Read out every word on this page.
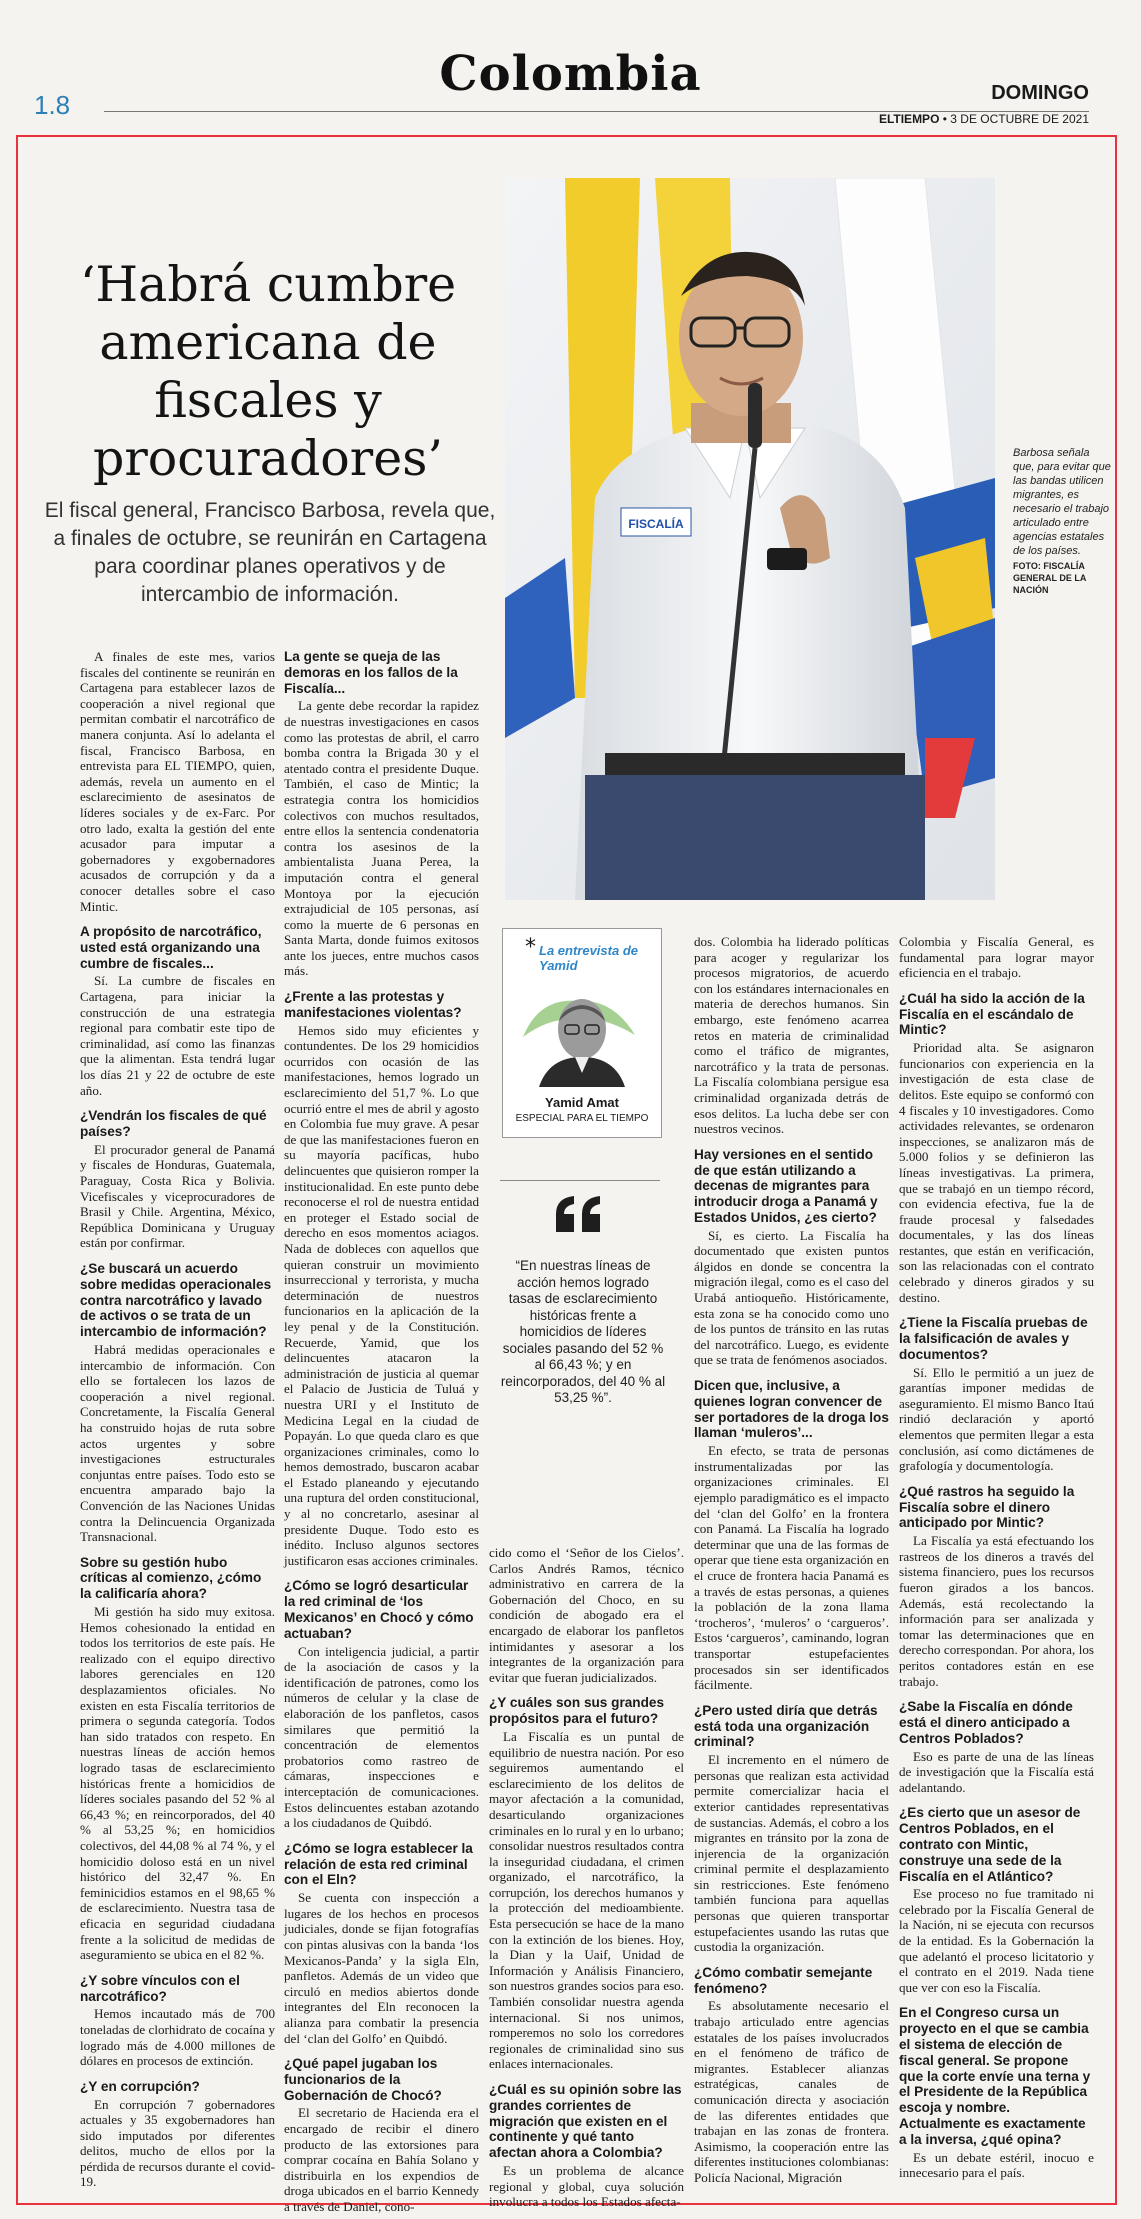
1.8
Colombia	DOMINGO
ELTIEMPO • 3 DE OCTUBRE DE 2021
‘Habrá cumbre americana de fiscales y procuradores’
El fiscal general, Francisco Barbosa, revela que, a finales de octubre, se reunirán en Cartagena para coordinar planes operativos y de intercambio de información.
FISCALÍA
Barbosa señala que, para evitar que las bandas utilicen migrantes, es necesario el trabajo articulado entre agencias estatales de los países.
FOTO: FISCALÍA GENERAL DE LA NACIÓN

A finales de este mes, varios fiscales del continente se reunirán en Cartagena para establecer lazos de cooperación a nivel regional que permitan combatir el narcotráfico de manera conjunta. Así lo adelanta el fiscal, Francisco Barbosa, en entrevista para EL TIEMPO, quien, además, revela un aumento en el esclarecimiento de asesinatos de líderes sociales y de ex-Farc. Por otro lado, exalta la gestión del ente acusador para imputar a gobernadores y exgobernadores acusados de corrupción y da a conocer detalles sobre el caso Mintic.

A propósito de narcotráfico, usted está organizando una cumbre de fiscales...

Sí. La cumbre de fiscales en Cartagena, para iniciar la construcción de una estrategia regional para combatir este tipo de criminalidad, así como las finanzas que la alimentan. Esta tendrá lugar los días 21 y 22 de octubre de este año.

¿Vendrán los fiscales de qué países?

El procurador general de Panamá y fiscales de Honduras, Guatemala, Paraguay, Costa Rica y Bolivia. Vicefiscales y viceprocuradores de Brasil y Chile. Argentina, México, República Dominicana y Uruguay están por confirmar.

¿Se buscará un acuerdo sobre medidas operacionales contra narcotráfico y lavado de activos o se trata de un intercambio de información?

Habrá medidas operacionales e intercambio de información. Con ello se fortalecen los lazos de cooperación a nivel regional. Concretamente, la Fiscalía General ha construido hojas de ruta sobre actos urgentes y sobre investigaciones estructurales conjuntas entre países. Todo esto se encuentra amparado bajo la Convención de las Naciones Unidas contra la Delincuencia Organizada Transnacional.

Sobre su gestión hubo críticas al comienzo, ¿cómo la calificaría ahora?

Mi gestión ha sido muy exitosa. Hemos cohesionado la entidad en todos los territorios de este país. He realizado con el equipo directivo labores gerenciales en 120 desplazamientos oficiales. No existen en esta Fiscalía territorios de primera o segunda categoría. Todos han sido tratados con respeto. En nuestras líneas de acción hemos logrado tasas de esclarecimiento históricas frente a homicidios de líderes sociales pasando del 52 % al 66,43 %; en reincorporados, del 40 % al 53,25 %; en homicidios colectivos, del 44,08 % al 74 %, y el homicidio doloso está en un nivel histórico del 32,47 %. En feminicidios estamos en el 98,65 % de esclarecimiento. Nuestra tasa de eficacia en seguridad ciudadana frente a la solicitud de medidas de aseguramiento se ubica en el 82 %.

¿Y sobre vínculos con el narcotráfico?

Hemos incautado más de 700 toneladas de clorhidrato de cocaína y logrado más de 4.000 millones de dólares en procesos de extinción.

¿Y en corrupción?

En corrupción 7 gobernadores actuales y 35 exgobernadores han sido imputados por diferentes delitos, mucho de ellos por la pérdida de recursos durante el covid-19.

La gente se queja de las demoras en los fallos de la Fiscalía...

La gente debe recordar la rapidez de nuestras investigaciones en casos como las protestas de abril, el carro bomba contra la Brigada 30 y el atentado contra el presidente Duque. También, el caso de Mintic; la estrategia contra los homicidios colectivos con muchos resultados, entre ellos la sentencia condenatoria contra los asesinos de la ambientalista Juana Perea, la imputación contra el general Montoya por la ejecución extrajudicial de 105 personas, así como la muerte de 6 personas en Santa Marta, donde fuimos exitosos ante los jueces, entre muchos casos más.

¿Frente a las protestas y manifestaciones violentas?

Hemos sido muy eficientes y contundentes. De los 29 homicidios ocurridos con ocasión de las manifestaciones, hemos logrado un esclarecimiento del 51,7 %. Lo que ocurrió entre el mes de abril y agosto en Colombia fue muy grave. A pesar de que las manifestaciones fueron en su mayoría pacíficas, hubo delincuentes que quisieron romper la institucionalidad. En este punto debe reconocerse el rol de nuestra entidad en proteger el Estado social de derecho en esos momentos aciagos. Nada de dobleces con aquellos que quieran construir un movimiento insurreccional y terrorista, y mucha determinación de nuestros funcionarios en la aplicación de la ley penal y de la Constitución. Recuerde, Yamid, que los delincuentes atacaron la administración de justicia al quemar el Palacio de Justicia de Tuluá y nuestra URI y el Instituto de Medicina Legal en la ciudad de Popayán. Lo que queda claro es que organizaciones criminales, como lo hemos demostrado, buscaron acabar el Estado planeando y ejecutando una ruptura del orden constitucional, y al no concretarlo, asesinar al presidente Duque. Todo esto es inédito. Incluso algunos sectores justificaron esas acciones criminales.

¿Cómo se logró desarticular la red criminal de ‘los Mexicanos’ en Chocó y cómo actuaban?

Con inteligencia judicial, a partir de la asociación de casos y la identificación de patrones, como los números de celular y la clase de elaboración de los panfletos, casos similares que permitió la concentración de elementos probatorios como rastreo de cámaras, inspecciones e interceptación de comunicaciones. Estos delincuentes estaban azotando a los ciudadanos de Quibdó.

¿Cómo se logra establecer la relación de esta red criminal con el Eln?

Se cuenta con inspección a lugares de los hechos en procesos judiciales, donde se fijan fotografías con pintas alusivas con la banda ‘los Mexicanos-Panda’ y la sigla Eln, panfletos. Además de un video que circuló en medios abiertos donde integrantes del Eln reconocen la alianza para combatir la presencia del ‘clan del Golfo’ en Quibdó.

¿Qué papel jugaban los funcionarios de la Gobernación de Chocó?

El secretario de Hacienda era el encargado de recibir el dinero producto de las extorsiones para comprar cocaína en Bahía Solano y distribuirla en los expendios de droga ubicados en el barrio Kennedy a través de Daniel, cono-

* La entrevista de Yamid
Yamid Amat
ESPECIAL PARA EL TIEMPO
“En nuestras líneas de acción hemos logrado tasas de esclarecimiento históricas frente a homicidios de líderes sociales pasando del 52 % al 66,43 %; y en reincorporados, del 40 % al 53,25 %”.

cido como el ‘Señor de los Cielos’. Carlos Andrés Ramos, técnico administrativo en carrera de la Gobernación del Choco, en su condición de abogado era el encargado de elaborar los panfletos intimidantes y asesorar a los integrantes de la organización para evitar que fueran judicializados.

¿Y cuáles son sus grandes propósitos para el futuro?

La Fiscalía es un puntal de equilibrio de nuestra nación. Por eso seguiremos aumentando el esclarecimiento de los delitos de mayor afectación a la comunidad, desarticulando organizaciones criminales en lo rural y en lo urbano; consolidar nuestros resultados contra la inseguridad ciudadana, el crimen organizado, el narcotráfico, la corrupción, los derechos humanos y la protección del medioambiente. Esta persecución se hace de la mano con la extinción de los bienes. Hoy, la Dian y la Uaif, Unidad de Información y Análisis Financiero, son nuestros grandes socios para eso. También consolidar nuestra agenda internacional. Si nos unimos, romperemos no solo los corredores regionales de criminalidad sino sus enlaces internacionales.

¿Cuál es su opinión sobre las grandes corrientes de migración que existen en el continente y qué tanto afectan ahora a Colombia?

Es un problema de alcance regional y global, cuya solución involucra a todos los Estados afecta-

dos. Colombia ha liderado políticas para acoger y regularizar los procesos migratorios, de acuerdo con los estándares internacionales en materia de derechos humanos. Sin embargo, este fenómeno acarrea retos en materia de criminalidad como el tráfico de migrantes, narcotráfico y la trata de personas. La Fiscalía colombiana persigue esa criminalidad organizada detrás de esos delitos. La lucha debe ser con nuestros vecinos.

Hay versiones en el sentido de que están utilizando a decenas de migrantes para introducir droga a Panamá y Estados Unidos, ¿es cierto?

Sí, es cierto. La Fiscalía ha documentado que existen puntos álgidos en donde se concentra la migración ilegal, como es el caso del Urabá antioqueño. Históricamente, esta zona se ha conocido como uno de los puntos de tránsito en las rutas del narcotráfico. Luego, es evidente que se trata de fenómenos asociados.

Dicen que, inclusive, a quienes logran convencer de ser portadores de la droga los llaman ‘muleros’...

En efecto, se trata de personas instrumentalizadas por las organizaciones criminales. El ejemplo paradigmático es el impacto del ‘clan del Golfo’ en la frontera con Panamá. La Fiscalía ha logrado determinar que una de las formas de operar que tiene esta organización en el cruce de frontera hacia Panamá es a través de estas personas, a quienes la población de la zona llama ‘trocheros’, ‘muleros’ o ‘cargueros’. Estos ‘cargueros’, caminando, logran transportar estupefacientes procesados sin ser identificados fácilmente.

¿Pero usted diría que detrás está toda una organización criminal?

El incremento en el número de personas que realizan esta actividad permite comercializar hacia el exterior cantidades representativas de sustancias. Además, el cobro a los migrantes en tránsito por la zona de injerencia de la organización criminal permite el desplazamiento sin restricciones. Este fenómeno también funciona para aquellas personas que quieren transportar estupefacientes usando las rutas que custodia la organización.

¿Cómo combatir semejante fenómeno?

Es absolutamente necesario el trabajo articulado entre agencias estatales de los países involucrados en el fenómeno de tráfico de migrantes. Establecer alianzas estratégicas, canales de comunicación directa y asociación de las diferentes entidades que trabajan en las zonas de frontera. Asimismo, la cooperación entre las diferentes instituciones colombianas: Policía Nacional, Migración

Colombia y Fiscalía General, es fundamental para lograr mayor eficiencia en el trabajo.

¿Cuál ha sido la acción de la Fiscalía en el escándalo de Mintic?

Prioridad alta. Se asignaron funcionarios con experiencia en la investigación de esta clase de delitos. Este equipo se conformó con 4 fiscales y 10 investigadores. Como actividades relevantes, se ordenaron inspecciones, se analizaron más de 5.000 folios y se definieron las líneas investigativas. La primera, que se trabajó en un tiempo récord, con evidencia efectiva, fue la de fraude procesal y falsedades documentales, y las dos líneas restantes, que están en verificación, son las relacionadas con el contrato celebrado y dineros girados y su destino.

¿Tiene la Fiscalía pruebas de la falsificación de avales y documentos?

Sí. Ello le permitió a un juez de garantías imponer medidas de aseguramiento. El mismo Banco Itaú rindió declaración y aportó elementos que permiten llegar a esta conclusión, así como dictámenes de grafología y documentología.

¿Qué rastros ha seguido la Fiscalía sobre el dinero anticipado por Mintic?

La Fiscalía ya está efectuando los rastreos de los dineros a través del sistema financiero, pues los recursos fueron girados a los bancos. Además, está recolectando la información para ser analizada y tomar las determinaciones que en derecho correspondan. Por ahora, los peritos contadores están en ese trabajo.

¿Sabe la Fiscalía en dónde está el dinero anticipado a Centros Poblados?

Eso es parte de una de las líneas de investigación que la Fiscalía está adelantando.

¿Es cierto que un asesor de Centros Poblados, en el contrato con Mintic, construye una sede de la Fiscalía en el Atlántico?

Ese proceso no fue tramitado ni celebrado por la Fiscalía General de la Nación, ni se ejecuta con recursos de la entidad. Es la Gobernación la que adelantó el proceso licitatorio y el contrato en el 2019. Nada tiene que ver con eso la Fiscalía.

En el Congreso cursa un proyecto en el que se cambia el sistema de elección de fiscal general. Se propone que la corte envíe una terna y el Presidente de la República escoja y nombre. Actualmente es exactamente a la inversa, ¿qué opina?

Es un debate estéril, inocuo e innecesario para el país.
